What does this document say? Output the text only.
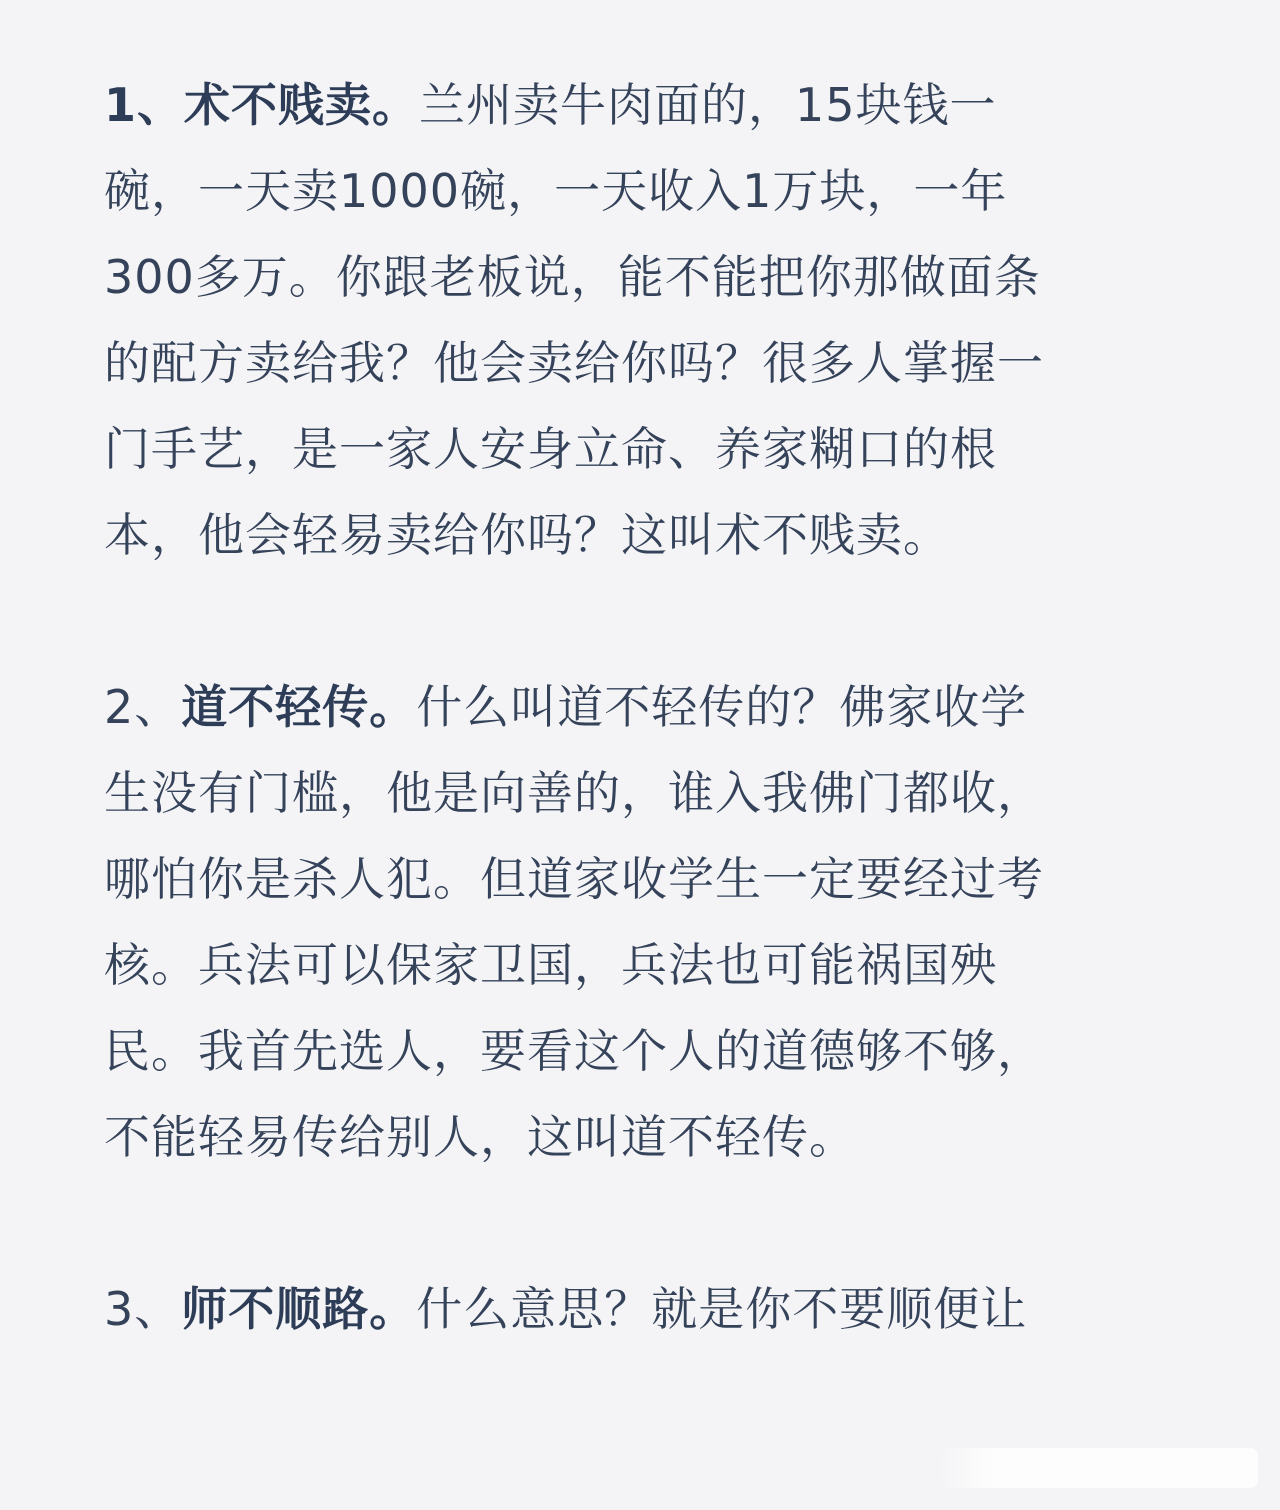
1、术不贱卖。兰州卖牛肉面的，15块钱一
碗，一天卖1000碗，一天收入1万块，一年
300多万。你跟老板说，能不能把你那做面条
的配方卖给我？他会卖给你吗？很多人掌握一
门手艺，是一家人安身立命、养家糊口的根
本，他会轻易卖给你吗？这叫术不贱卖。

2、道不轻传。什么叫道不轻传的？佛家收学
生没有门槛，他是向善的，谁入我佛门都收，
哪怕你是杀人犯。但道家收学生一定要经过考
核。兵法可以保家卫国，兵法也可能祸国殃
民。我首先选人，要看这个人的道德够不够，
不能轻易传给别人，这叫道不轻传。

3、师不顺路。什么意思？就是你不要顺便让
